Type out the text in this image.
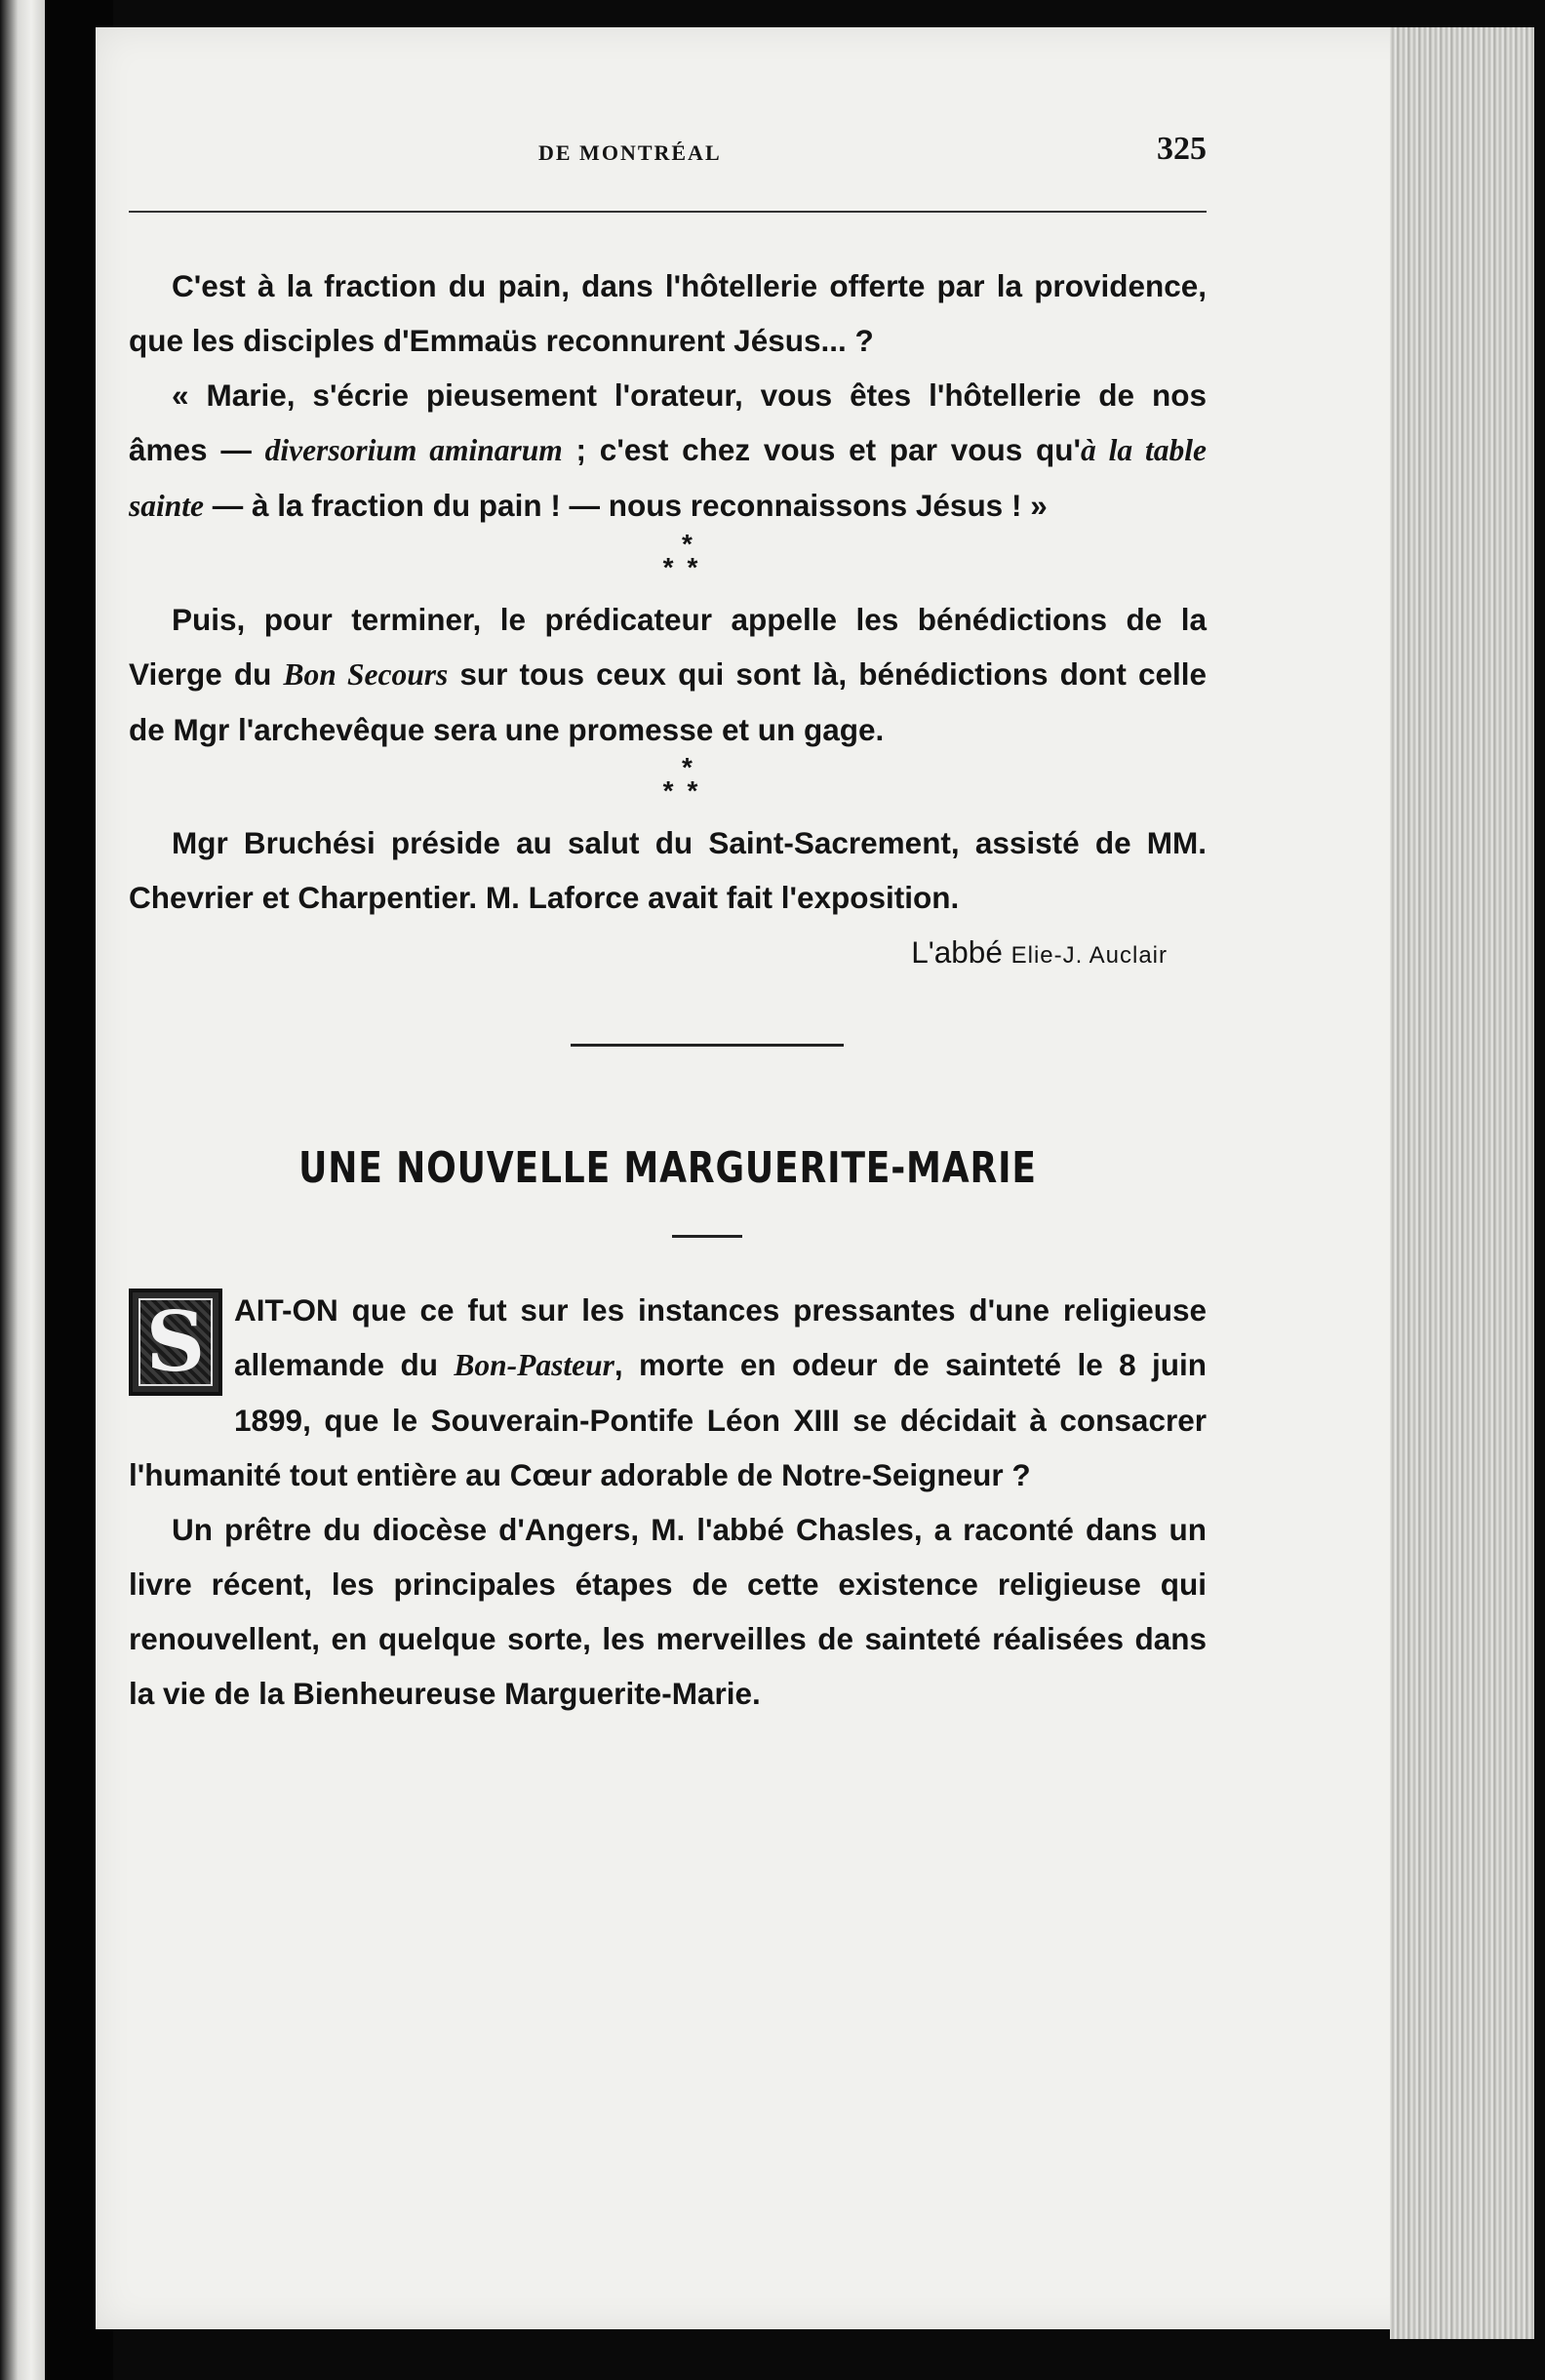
DE MONTRÉAL	325

C'est à la fraction du pain, dans l'hôtellerie offerte par la providence, que les disciples d'Emmaüs reconnurent Jésus... ?

« Marie, s'écrie pieusement l'orateur, vous êtes l'hôtellerie de nos âmes — diversorium aminarum ; c'est chez vous et par vous qu'à la table sainte — à la fraction du pain ! — nous reconnaissons Jésus ! »

*
**

Puis, pour terminer, le prédicateur appelle les bénédictions de la Vierge du Bon Secours sur tous ceux qui sont là, bénédictions dont celle de Mgr l'archevêque sera une promesse et un gage.

*
**

Mgr Bruchési préside au salut du Saint-Sacrement, assisté de MM. Chevrier et Charpentier. M. Laforce avait fait l'exposition.

L'abbé Elie-J. Auclair

UNE NOUVELLE MARGUERITE-MARIE
S AIT-ON que ce fut sur les instances pressantes d'une religieuse allemande du Bon-Pasteur, morte en odeur de sainteté le 8 juin 1899, que le Souverain-Pontife Léon XIII se décidait à consacrer l'humanité tout entière au Cœur adorable de Notre-Seigneur ?

Un prêtre du diocèse d'Angers, M. l'abbé Chasles, a raconté dans un livre récent, les principales étapes de cette existence religieuse qui renouvellent, en quelque sorte, les merveilles de sainteté réalisées dans la vie de la Bienheureuse Marguerite-Marie.
